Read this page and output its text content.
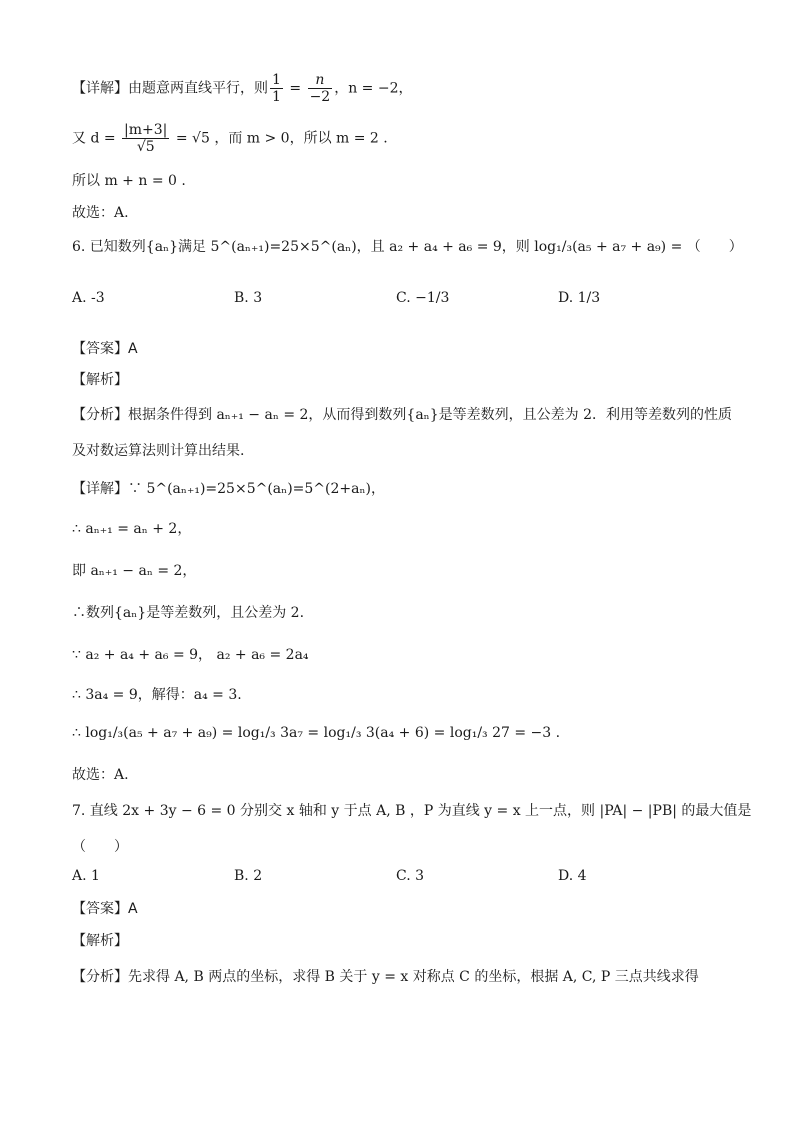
【详解】由题意两直线平行，则 $\frac{1}{1} = \frac{n}{-2}$ ，n = −2，
又 $d = \frac{|m+3|}{√5} = √5$ ，而 m > 0，所以 m = 2 .
所以 m + n = 0 .
故选：A.
6. 已知数列{aₙ}满足 5^(aₙ₊₁)=25×5^(aₙ)，且 a₂ + a₄ + a₆ = 9，则 log₁/₃(a₅ + a₇ + a₉) = （　　）
A. -3	B. 3	C. −1/3	D. 1/3
【答案】A
【解析】
【分析】根据条件得到 aₙ₊₁ − aₙ = 2，从而得到数列{aₙ}是等差数列，且公差为 2．利用等差数列的性质
及对数运算法则计算出结果.
【详解】∵ 5^(aₙ₊₁)=25×5^(aₙ)=5^(2+aₙ)，
∴ aₙ₊₁ = aₙ + 2，
即 aₙ₊₁ − aₙ = 2，
∴数列{aₙ}是等差数列，且公差为 2.
∵ a₂ + a₄ + a₆ = 9， a₂ + a₆ = 2a₄
∴ 3a₄ = 9，解得：a₄ = 3.
∴ log₁/₃(a₅ + a₇ + a₉) = log₁/₃ 3a₇ = log₁/₃ 3(a₄ + 6) = log₁/₃ 27 = −3 .
故选：A.
7. 直线 2x + 3y − 6 = 0 分别交 x 轴和 y 于点 A, B ，P 为直线 y = x 上一点，则 |PA| − |PB| 的最大值是
（　　）
A. 1	B. 2	C. 3	D. 4
【答案】A
【解析】
【分析】先求得 A, B 两点的坐标，求得 B 关于 y = x 对称点 C 的坐标，根据 A, C, P 三点共线求得
